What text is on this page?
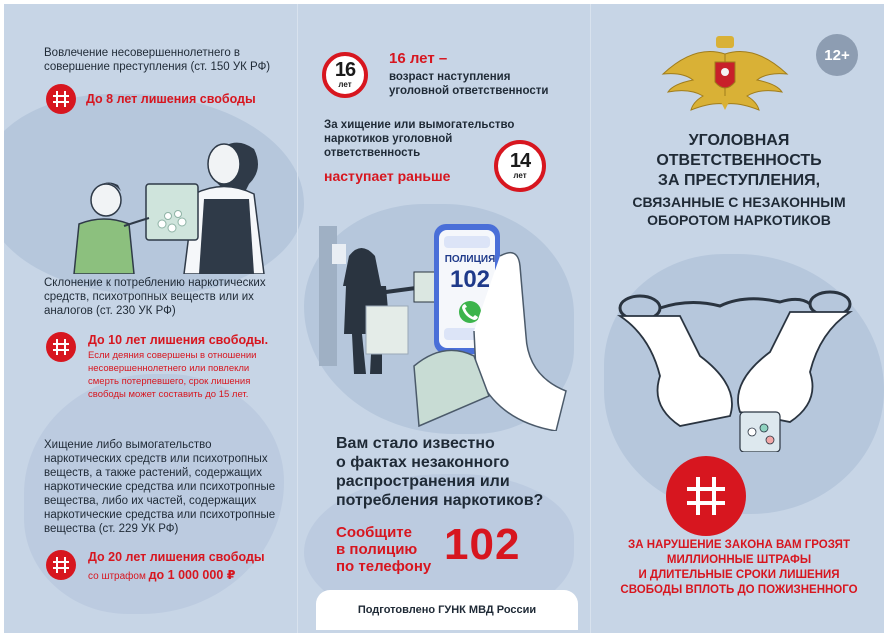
Вовлечение несовершеннолетнего в
совершение преступления (ст. 150 УК РФ)
До 8 лет лишения свободы
Склонение к потреблению наркотических
средств, психотропных веществ или их
аналогов (ст. 230 УК РФ)
До 10 лет лишения свободы.
Если деяния совершены в отношении
несовершеннолетнего или повлекли
смерть потерпевшего, срок лишения
свободы может составить до 15 лет.
Хищение либо вымогательство
наркотических средств или психотропных
веществ, а также растений, содержащих
наркотические средства или психотропные
вещества, либо их частей, содержащих
наркотические средства или психотропные
вещества (ст. 229 УК РФ)
До 20 лет лишения свободы
со штрафом до 1 000 000 ₽
16
лет
16 лет –
возраст наступления
уголовной ответственности
За хищение или вымогательство
наркотиков уголовной
ответственность
наступает раньше
14
лет
ПОЛИЦИЯ
102
Вам стало известно
о фактах незаконного
распространения или
потребления наркотиков?
Сообщите
в полицию
по телефону 102
Подготовлено ГУНК МВД России
12+
УГОЛОВНАЯ
ОТВЕТСТВЕННОСТЬ
ЗА ПРЕСТУПЛЕНИЯ,
СВЯЗАННЫЕ С НЕЗАКОННЫМ
ОБОРОТОМ НАРКОТИКОВ
ЗА НАРУШЕНИЕ ЗАКОНА ВАМ ГРОЗЯТ
МИЛЛИОННЫЕ ШТРАФЫ
И ДЛИТЕЛЬНЫЕ СРОКИ ЛИШЕНИЯ
СВОБОДЫ ВПЛОТЬ ДО ПОЖИЗНЕННОГО
